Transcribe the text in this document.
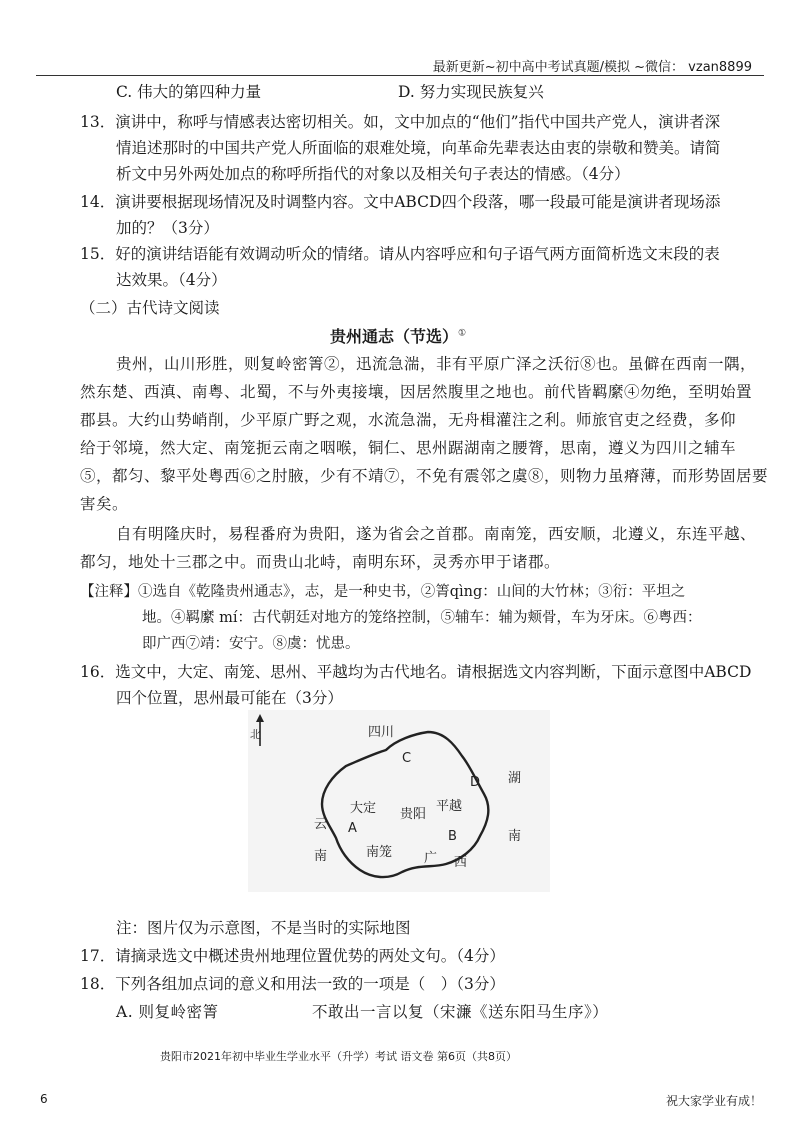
最新更新~初中高中考试真题/模拟 ~微信： vzan8899
C. 伟大的第四种力量	D. 努力实现民族复兴
13．演讲中，称呼与情感表达密切相关。如，文中加点的“他们”指代中国共产党人，演讲者深
情追述那时的中国共产党人所面临的艰难处境，向革命先辈表达由衷的崇敬和赞美。请简
析文中另外两处加点的称呼所指代的对象以及相关句子表达的情感。（4分）
14．演讲要根据现场情况及时调整内容。文中ABCD四个段落，哪一段最可能是演讲者现场添
加的？（3分）
15．好的演讲结语能有效调动听众的情绪。请从内容呼应和句子语气两方面简析选文末段的表
达效果。（4分）
（二）古代诗文阅读
贵州通志（节选）①
贵州，山川形胜，则复岭密箐②，迅流急湍，非有平原广泽之沃衍⑧也。虽僻在西南一隅，
然东楚、西滇、南粤、北蜀，不与外夷接壤，因居然腹里之地也。前代皆羁縻④勿绝，至明始置
郡县。大约山势峭削，少平原广野之观，水流急湍，无舟楫灌注之利。师旅官吏之经费，多仰
给于邻境，然大定、南笼扼云南之咽喉，铜仁、思州踞湖南之腰膂，思南，遵义为四川之辅车
⑤，都匀、黎平处粤西⑥之肘腋，少有不靖⑦，不免有震邻之虞⑧，则物力虽瘠薄，而形势固居要
害矣。
自有明隆庆时，易程番府为贵阳，遂为省会之首郡。南南笼，西安顺，北遵义，东连平越、
都匀，地处十三郡之中。而贵山北峙，南明东环，灵秀亦甲于诸郡。
【注释】①选自《乾隆贵州通志》，志，是一种史书，②箐qìng：山间的大竹林；③衍：平坦之
地。④羁縻 mí：古代朝廷对地方的笼络控制，⑤辅车：辅为颊骨，车为牙床。⑥粤西：
即广西⑦靖：安宁。⑧虞：忧患。
16．选文中，大定、南笼、思州、平越均为古代地名。请根据选文内容判断，下面示意图中ABCD
四个位置，思州最可能在（3分）
北	四川
湖
南
云
南	广 西
大定 贵阳
平越
南笼
A
B
C
D
注：图片仅为示意图，不是当时的实际地图
17．请摘录选文中概述贵州地理位置优势的两处文句。（4分）
18．下列各组加点词的意义和用法一致的一项是（　）（3分）
A. 则复岭密箐	不敢出一言以复（宋濂《送东阳马生序》）
贵阳市2021年初中毕业生学业水平（升学）考试 语文卷 第6页（共8页）
6	祝大家学业有成！
